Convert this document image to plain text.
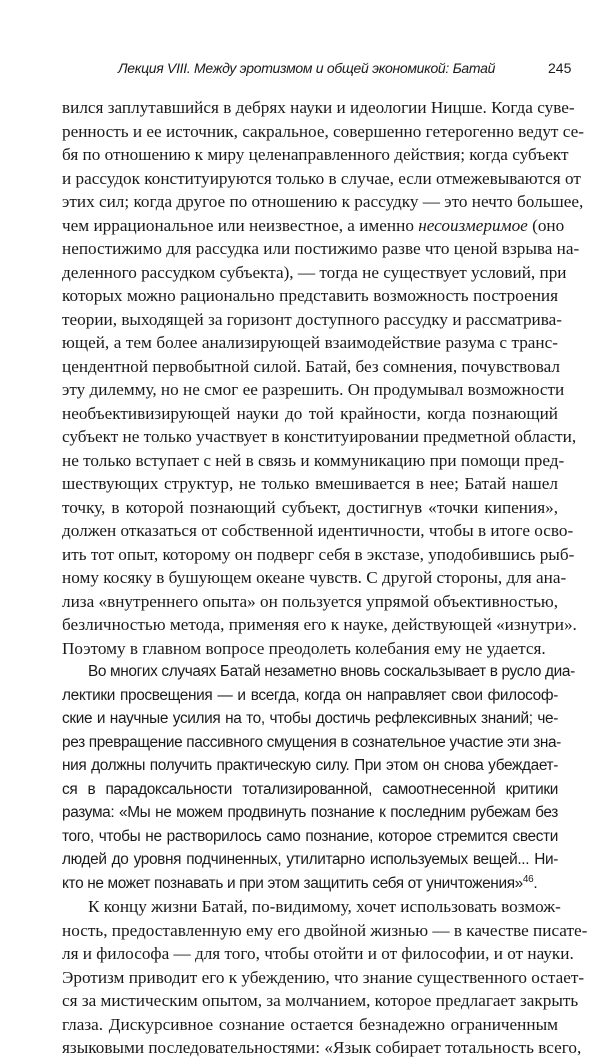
Лекция VIII. Между эротизмом и общей экономикой: Батай	245
вился заплутавшийся в дебрях науки и идеологии Ницше. Когда суве-
ренность и ее источник, сакральное, совершенно гетерогенно ведут се-
бя по отношению к миру целенаправленного действия; когда субъект
и рассудок конституируются только в случае, если отмежевываются от
этих сил; когда другое по отношению к рассудку — это нечто большее,
чем иррациональное или неизвестное, а именно несоизмеримое (оно
непостижимо для рассудка или постижимо разве что ценой взрыва на-
деленного рассудком субъекта), — тогда не существует условий, при
которых можно рационально представить возможность построения
теории, выходящей за горизонт доступного рассудку и рассматрива-
ющей, а тем более анализирующей взаимодействие разума с транс-
цендентной первобытной силой. Батай, без сомнения, почувствовал
эту дилемму, но не смог ее разрешить. Он продумывал возможности
необъективизирующей науки до той крайности, когда познающий
субъект не только участвует в конституировании предметной области,
не только вступает с ней в связь и коммуникацию при помощи пред-
шествующих структур, не только вмешивается в нее; Батай нашел
точку, в которой познающий субъект, достигнув «точки кипения»,
должен отказаться от собственной идентичности, чтобы в итоге осво-
ить тот опыт, которому он подверг себя в экстазе, уподобившись рыб-
ному косяку в бушующем океане чувств. С другой стороны, для ана-
лиза «внутреннего опыта» он пользуется упрямой объективностью,
безличностью метода, применяя его к науке, действующей «изнутри».
Поэтому в главном вопросе преодолеть колебания ему не удается.
Во многих случаях Батай незаметно вновь соскальзывает в русло диа-
лектики просвещения — и всегда, когда он направляет свои философ-
ские и научные усилия на то, чтобы достичь рефлексивных знаний; че-
рез превращение пассивного смущения в сознательное участие эти зна-
ния должны получить практическую силу. При этом он снова убеждает-
ся в парадоксальности тотализированной, самоотнесенной критики
разума: «Мы не можем продвинуть познание к последним рубежам без
того, чтобы не растворилось само познание, которое стремится свести
людей до уровня подчиненных, утилитарно используемых вещей... Ни-
кто не может познавать и при этом защитить себя от уничтожения»$^{46}$.
К концу жизни Батай, по-видимому, хочет использовать возмож-
ность, предоставленную ему его двойной жизнью — в качестве писате-
ля и философа — для того, чтобы отойти и от философии, и от науки.
Эротизм приводит его к убеждению, что знание существенного остает-
ся за мистическим опытом, за молчанием, которое предлагает закрыть
глаза. Дискурсивное сознание остается безнадежно ограниченным
языковыми последовательностями: «Язык собирает тотальность всего,
